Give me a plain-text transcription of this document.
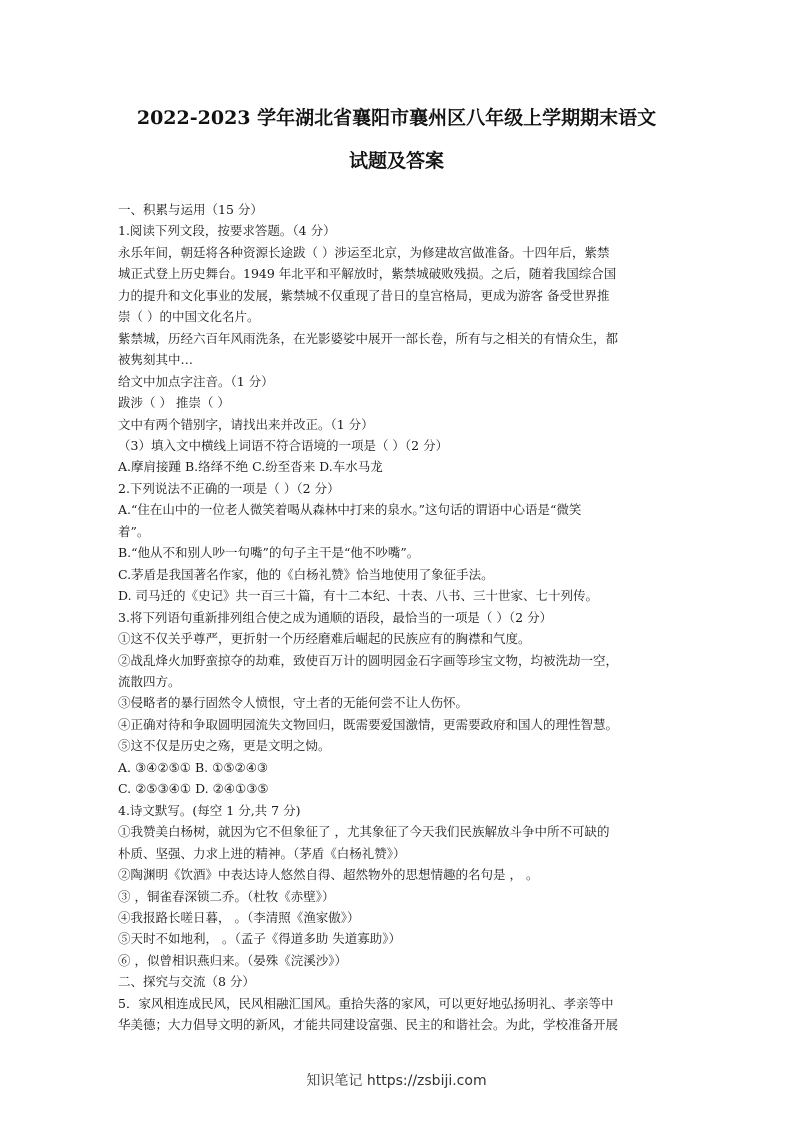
2022-2023 学年湖北省襄阳市襄州区八年级上学期期末语文
试题及答案
一、积累与运用（15 分）
1.阅读下列文段，按要求答题。（4 分）
永乐年间，朝廷将各种资源长途跋（ ）涉运至北京，为修建故宫做准备。十四年后，紫禁
城正式登上历史舞台。1949 年北平和平解放时，紫禁城破败残损。之后，随着我国综合国
力的提升和文化事业的发展，紫禁城不仅重现了昔日的皇宫格局，更成为游客 备受世界推
崇（ ）的中国文化名片。
紫禁城，历经六百年风雨洗条，在光影婆娑中展开一部长卷，所有与之相关的有情众生，都
被隽刻其中…
给文中加点字注音。（1 分）
跋涉（ ） 推崇（ ）
文中有两个错别字，请找出来并改正。（1 分）
（3）填入文中横线上词语不符合语境的一项是（ ）（2 分）
A.摩肩接踵 B.络绎不绝 C.纷至沓来 D.车水马龙
2.下列说法不正确的一项是（ ）（2 分）
A.“住在山中的一位老人微笑着喝从森林中打来的泉水。”这句话的谓语中心语是“微笑
着”。
B.“他从不和别人吵一句嘴”的句子主干是“他不吵嘴”。
C.茅盾是我国著名作家，他的《白杨礼赞》恰当地使用了象征手法。
D. 司马迁的《史记》共一百三十篇，有十二本纪、十表、八书、三十世家、七十列传。
3.将下列语句重新排列组合使之成为通顺的语段，最恰当的一项是（ ）（2 分）
①这不仅关乎尊严，更折射一个历经磨难后崛起的民族应有的胸襟和气度。
②战乱烽火加野蛮掠夺的劫难，致使百万计的圆明园金石字画等珍宝文物，均被洗劫一空，
流散四方。
③侵略者的暴行固然令人愤恨，守土者的无能何尝不让人伤怀。
④正确对待和争取圆明园流失文物回归，既需要爱国激情，更需要政府和国人的理性智慧。
⑤这不仅是历史之殇，更是文明之恸。
A. ③④②⑤① B. ①⑤②④③
C. ②⑤③④① D. ②④①③⑤
4.诗文默写。(每空 1 分,共 7 分)
①我赞美白杨树，就因为它不但象征了 ，尤其象征了今天我们民族解放斗争中所不可缺的
朴质、坚强、力求上进的精神。（茅盾《白杨礼赞》）
②陶渊明《饮酒》中表达诗人悠然自得、超然物外的思想情趣的名句是 ， 。
③ ，铜雀春深锁二乔。（杜牧《赤壁》）
④我报路长嗟日暮， 。（李清照《渔家傲》）
⑤天时不如地利， 。（孟子《得道多助 失道寡助》）
⑥ ，似曾相识燕归来。（晏殊《浣溪沙》）
二、探究与交流（8 分）
5．家风相连成民风，民风相融汇国风。重拾失落的家风，可以更好地弘扬明礼、孝亲等中
华美德；大力倡导文明的新风，才能共同建设富强、民主的和谐社会。为此，学校准备开展
知识笔记 https://zsbiji.com
